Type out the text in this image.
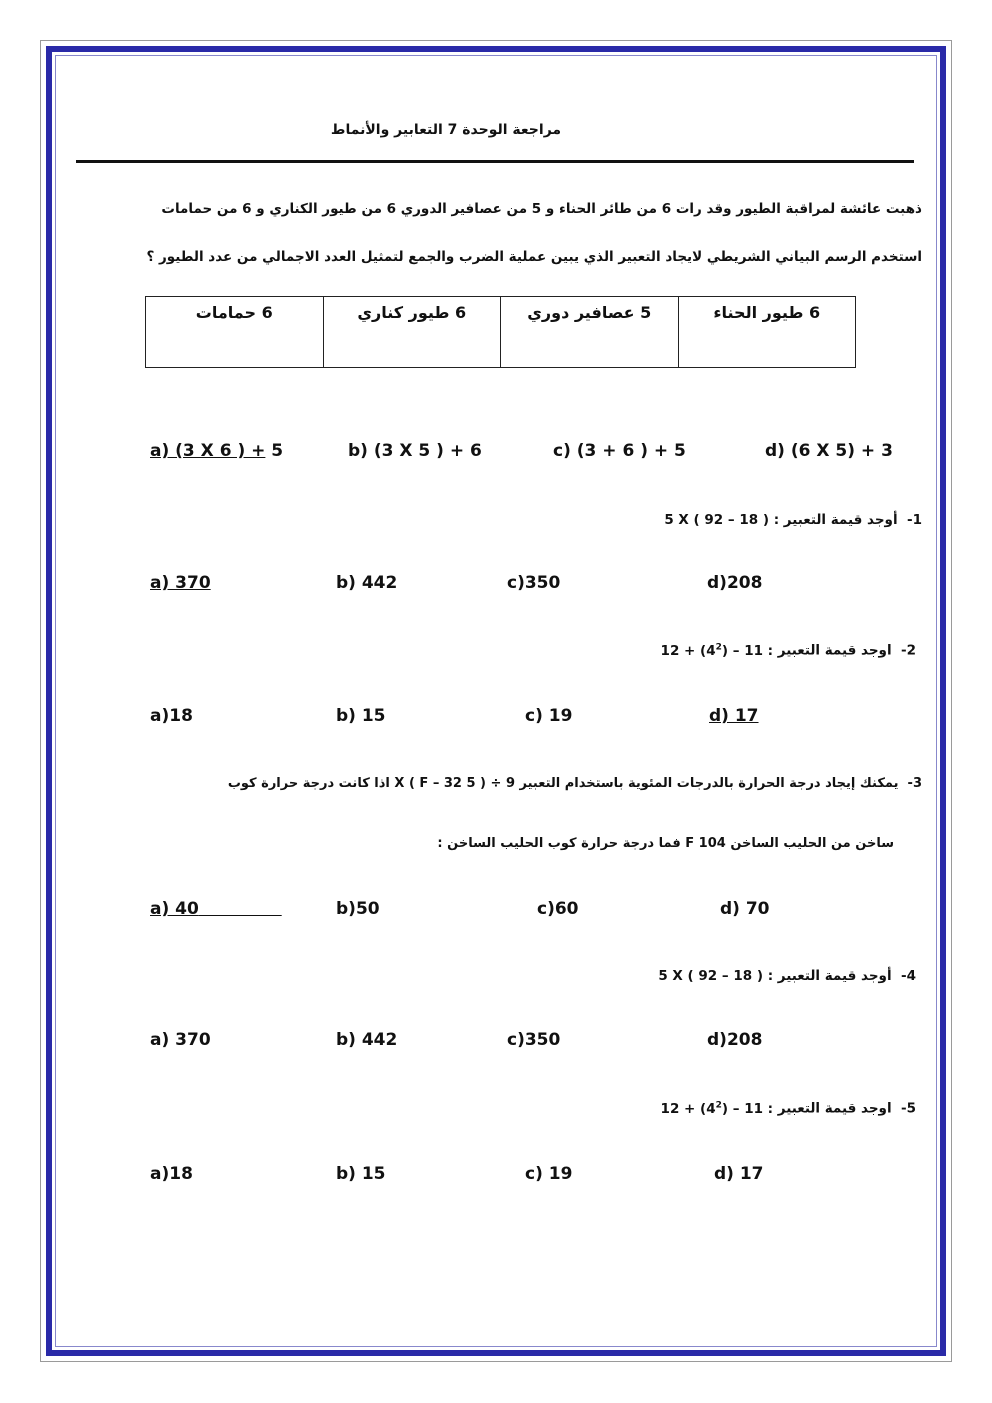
مراجعة الوحدة 7 التعابير والأنماط
ذهبت عائشة لمراقبة الطيور وقد رات 6 من طائر الحناء و 5 من عصافير الدوري 6 من طيور الكناري و 6 من حمامات
استخدم الرسم البياني الشريطي لايجاد التعبير الذي يبين عملية الضرب والجمع لتمثيل العدد الاجمالي من عدد الطيور ؟
6 طيور الحناء	5 عصافير دوري	6 طيور كناري	6 حمامات
a) (3 X 6 ) + 5	b) (3 X 5 ) + 6	c) (3 + 6 ) + 5	d) (6 X 5) + 3
1-  أوجد قيمة التعبير 5 X ( 92 – 18 ) :
a) 370	b) 442	c)350	d)208
2-  اوجد قيمة التعبير $12 + (4^2) - 11$ :
a)18	b) 15	c) 19	d) 17
3-  يمكنك إيجاد درجة الحرارة بالدرجات المئوية باستخدام التعبير 9 ÷ ( 5 X ( F – 32 اذا كانت درجة حرارة كوب
ساخن من الحليب الساخن F 104 فما درجة حرارة كوب الحليب الساخن :
a) 40	b)50	c)60	d) 70
4-  أوجد قيمة التعبير 5 X ( 92 – 18 ) :
a) 370	b) 442	c)350	d)208
5-  اوجد قيمة التعبير $12 + (4^2) - 11$ :
a)18	b) 15	c) 19	d) 17
